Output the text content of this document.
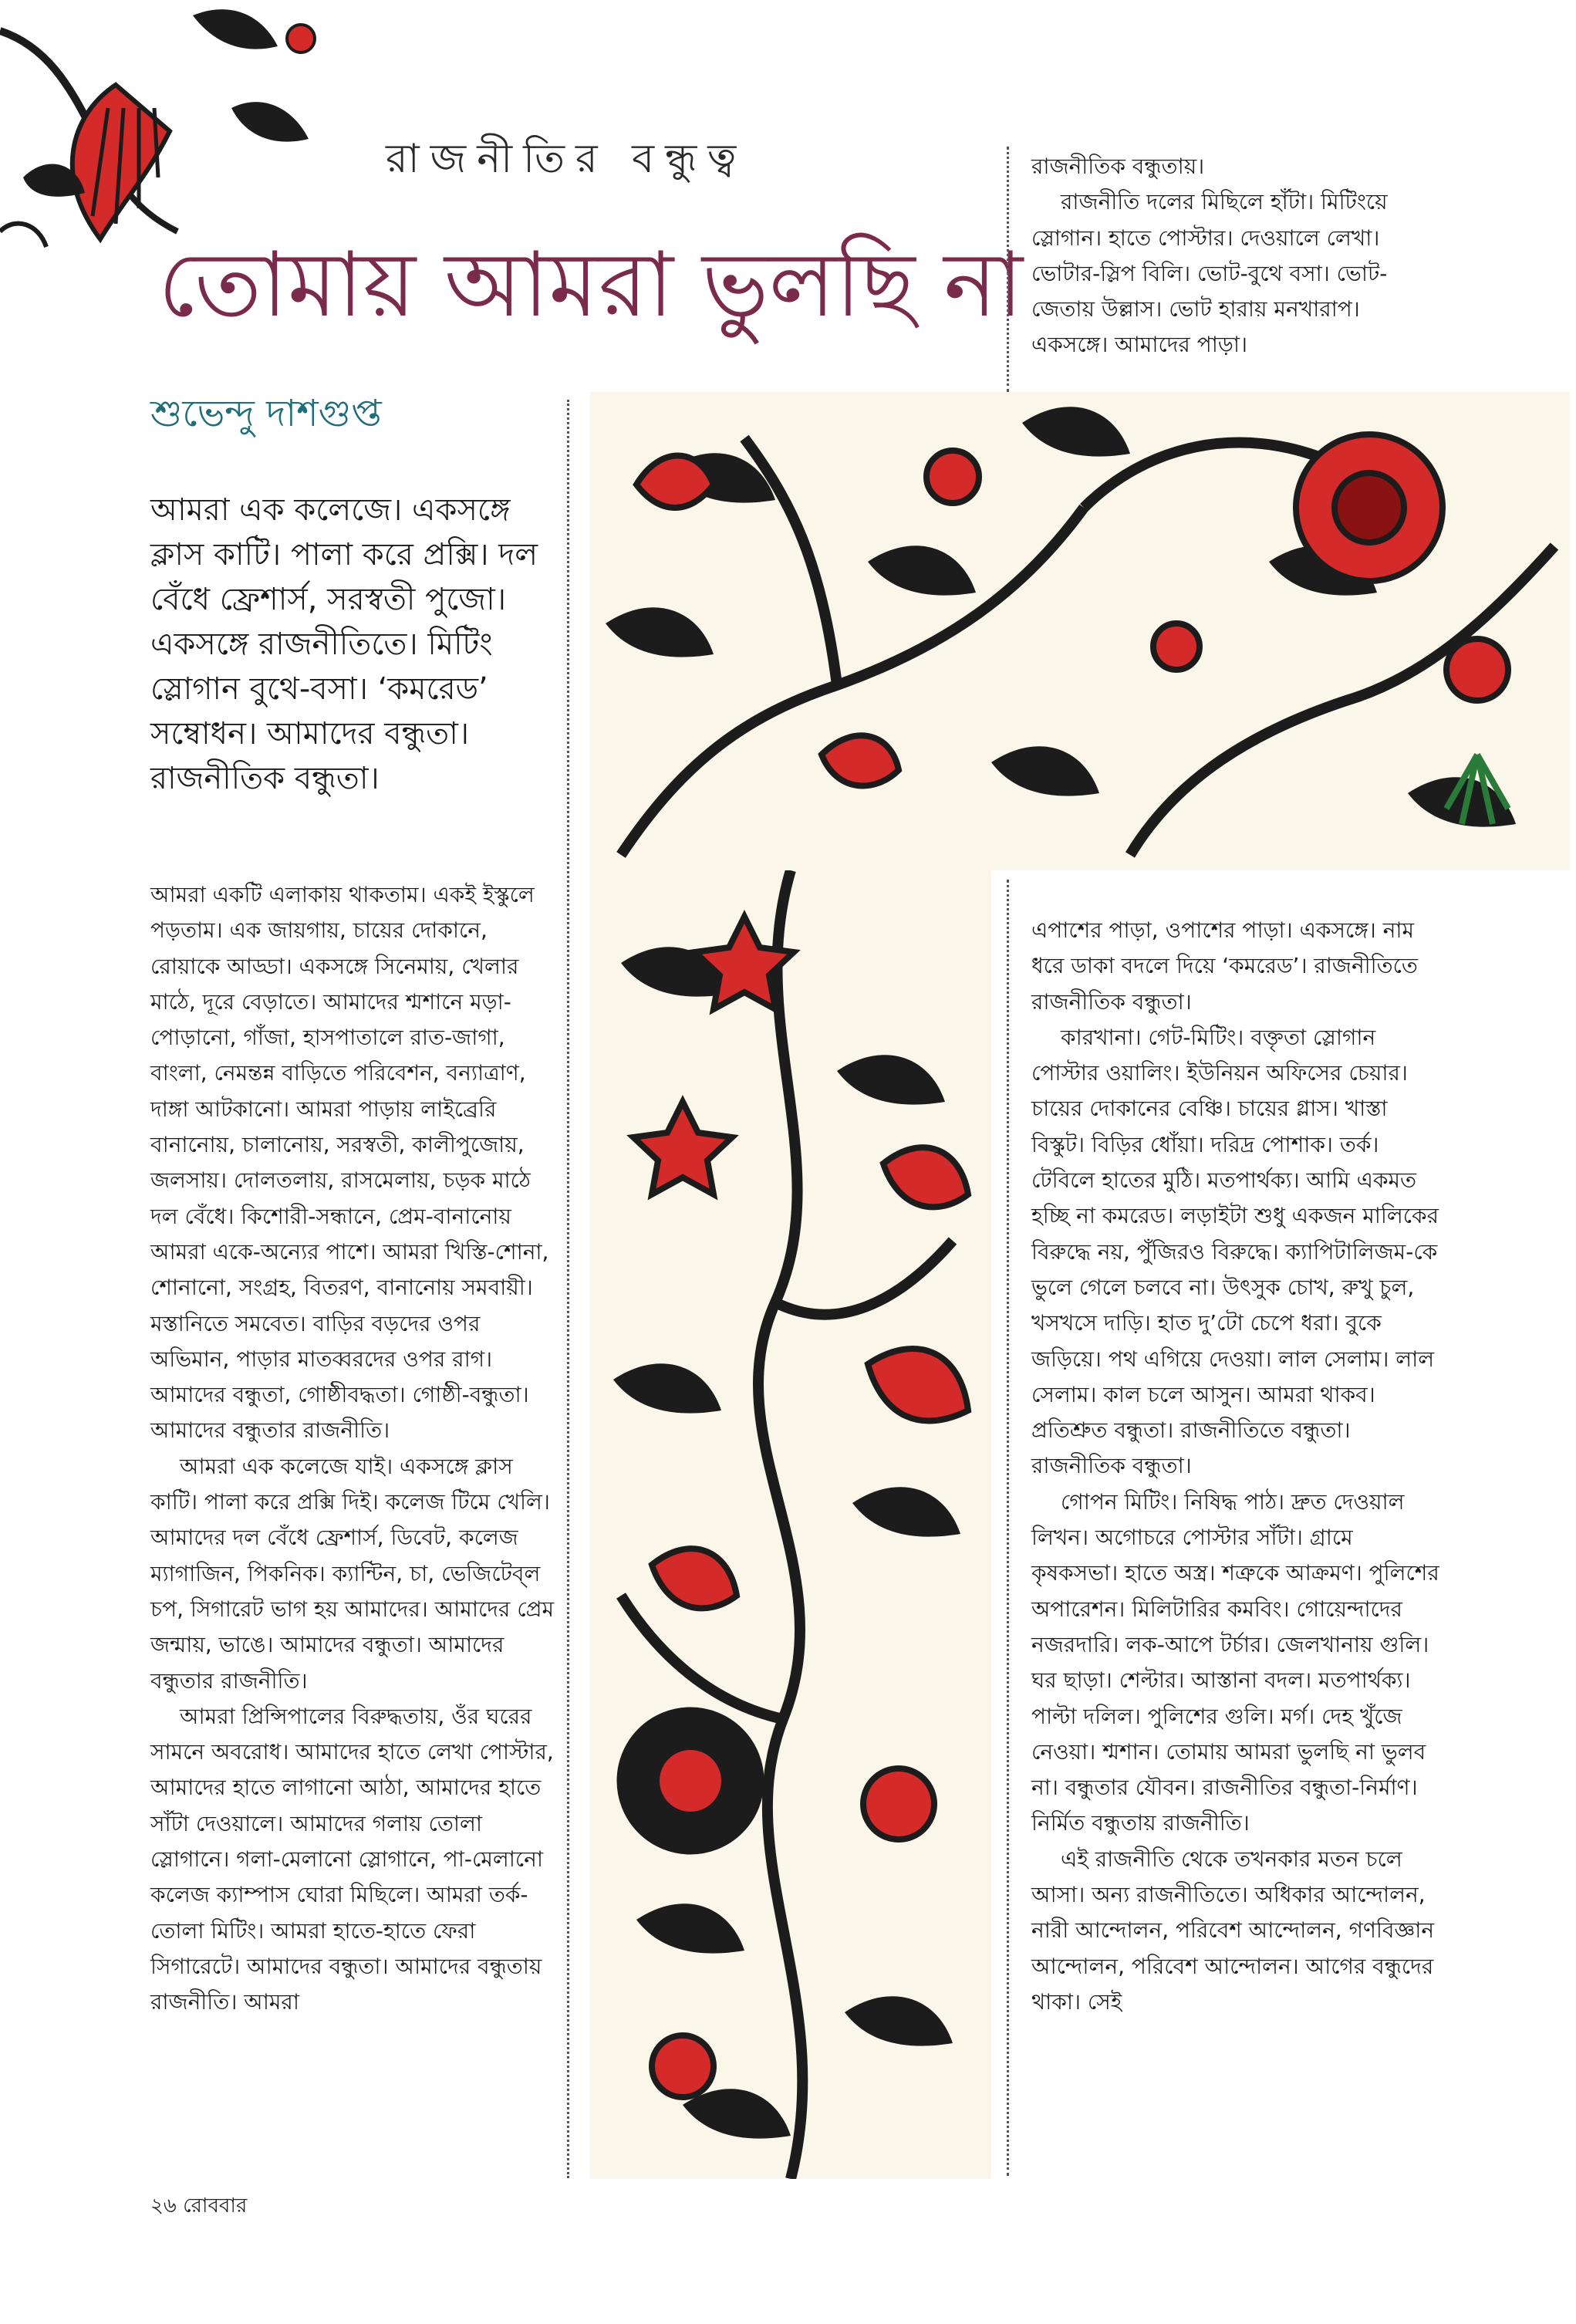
রাজনীতির বন্ধুত্ব
তোমায় আমরা ভুলছি না
শুভেন্দু দাশগুপ্ত
আমরা এক কলেজে। একসঙ্গে ক্লাস কাটি। পালা করে প্রক্সি। দল বেঁধে ফ্রেশার্স, সরস্বতী পুজো। একসঙ্গে রাজনীতিতে। মিটিং স্লোগান বুথে-বসা। ‘কমরেড’ সম্বোধন। আমাদের বন্ধুতা। রাজনীতিক বন্ধুতা।

আমরা একটি এলাকায় থাকতাম। একই ইস্কুলে পড়তাম। এক জায়গায়, চায়ের দোকানে, রোয়াকে আড্ডা। একসঙ্গে সিনেমায়, খেলার মাঠে, দূরে বেড়াতে। আমাদের শ্মশানে মড়া-পোড়ানো, গাঁজা, হাসপাতালে রাত-জাগা, বাংলা, নেমন্তন্ন বাড়িতে পরিবেশন, বন্যাত্রাণ, দাঙ্গা আটকানো। আমরা পাড়ায় লাইব্রেরি বানানোয়, চালানোয়, সরস্বতী, কালীপুজোয়, জলসায়। দোলতলায়, রাসমেলায়, চড়ক মাঠে দল বেঁধে। কিশোরী-সন্ধানে, প্রেম-বানানোয় আমরা একে-অন্যের পাশে। আমরা খিস্তি-শোনা, শোনানো, সংগ্রহ, বিতরণ, বানানোয় সমবায়ী। মস্তানিতে সমবেত। বাড়ির বড়দের ওপর অভিমান, পাড়ার মাতব্বরদের ওপর রাগ। আমাদের বন্ধুতা, গোষ্ঠীবদ্ধতা। গোষ্ঠী-বন্ধুতা। আমাদের বন্ধুতার রাজনীতি।

আমরা এক কলেজে যাই। একসঙ্গে ক্লাস কাটি। পালা করে প্রক্সি দিই। কলেজ টিমে খেলি। আমাদের দল বেঁধে ফ্রেশার্স, ডিবেট, কলেজ ম্যাগাজিন, পিকনিক। ক্যান্টিন, চা, ভেজিটেব্‌ল চপ, সিগারেট ভাগ হয় আমাদের। আমাদের প্রেম জন্মায়, ভাঙে। আমাদের বন্ধুতা। আমাদের বন্ধুতার রাজনীতি।

আমরা প্রিন্সিপালের বিরুদ্ধতায়, ওঁর ঘরের সামনে অবরোধ। আমাদের হাতে লেখা পোস্টার, আমাদের হাতে লাগানো আঠা, আমাদের হাতে সাঁটা দেওয়ালে। আমাদের গলায় তোলা স্লোগানে। গলা-মেলানো স্লোগানে, পা-মেলানো কলেজ ক্যাম্পাস ঘোরা মিছিলে। আমরা তর্ক-তোলা মিটিং। আমরা হাতে-হাতে ফেরা সিগারেটে। আমাদের বন্ধুতা। আমাদের বন্ধুতায় রাজনীতি। আমরা

রাজনীতিক বন্ধুতায়।

রাজনীতি দলের মিছিলে হাঁটা। মিটিংয়ে স্লোগান। হাতে পোস্টার। দেওয়ালে লেখা। ভোটার-স্লিপ বিলি। ভোট-বুথে বসা। ভোট-জেতায় উল্লাস। ভোট হারায় মনখারাপ। একসঙ্গে। আমাদের পাড়া।

এপাশের পাড়া, ওপাশের পাড়া। একসঙ্গে। নাম ধরে ডাকা বদলে দিয়ে ‘কমরেড’। রাজনীতিতে রাজনীতিক বন্ধুতা।

কারখানা। গেট-মিটিং। বক্তৃতা স্লোগান পোস্টার ওয়ালিং। ইউনিয়ন অফিসের চেয়ার। চায়ের দোকানের বেঞ্চি। চায়ের গ্লাস। খাস্তা বিস্কুট। বিড়ির ধোঁয়া। দরিদ্র পোশাক। তর্ক। টেবিলে হাতের মুঠি। মতপার্থক্য। আমি একমত হচ্ছি না কমরেড। লড়াইটা শুধু একজন মালিকের বিরুদ্ধে নয়, পুঁজিরও বিরুদ্ধে। ক্যাপিটালিজম-কে ভুলে গেলে চলবে না। উৎসুক চোখ, রুখু চুল, খসখসে দাড়ি। হাত দু’টো চেপে ধরা। বুকে জড়িয়ে। পথ এগিয়ে দেওয়া। লাল সেলাম। লাল সেলাম। কাল চলে আসুন। আমরা থাকব। প্রতিশ্রুত বন্ধুতা। রাজনীতিতে বন্ধুতা। রাজনীতিক বন্ধুতা।

গোপন মিটিং। নিষিদ্ধ পাঠ। দ্রুত দেওয়াল লিখন। অগোচরে পোস্টার সাঁটা। গ্রামে কৃষকসভা। হাতে অস্ত্র। শত্রুকে আক্রমণ। পুলিশের অপারেশন। মিলিটারির কমবিং। গোয়েন্দাদের নজরদারি। লক-আপে টর্চার। জেলখানায় গুলি। ঘর ছাড়া। শেল্টার। আস্তানা বদল। মতপার্থক্য। পাল্টা দলিল। পুলিশের গুলি। মর্গ। দেহ খুঁজে নেওয়া। শ্মশান। তোমায় আমরা ভুলছি না ভুলব না। বন্ধুতার যৌবন। রাজনীতির বন্ধুতা-নির্মাণ। নির্মিত বন্ধুতায় রাজনীতি।

এই রাজনীতি থেকে তখনকার মতন চলে আসা। অন্য রাজনীতিতে। অধিকার আন্দোলন, নারী আন্দোলন, পরিবেশ আন্দোলন, গণবিজ্ঞান আন্দোলন, পরিবেশ আন্দোলন। আগের বন্ধুদের থাকা। সেই

২৬ রোববার
